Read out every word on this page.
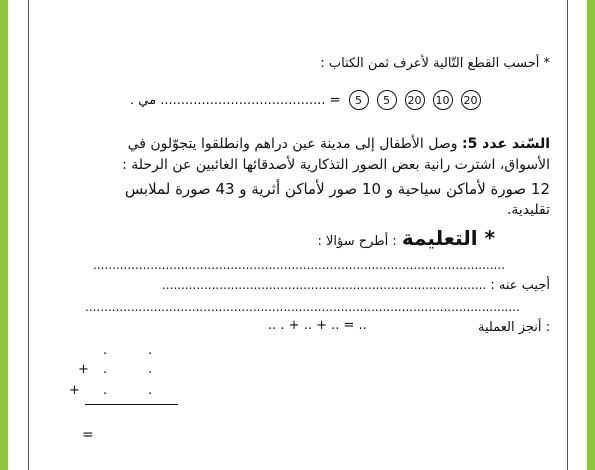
* أحسب القطع التّالية لأعرف ثمن الكتاب :
= ........................................ مي .	5	5	20 10 20
السّند عدد 5: وصل الأطفال إلى مدينة عين دراهم وانطلقوا يتجوّلون في
الأسواق، اشترت رانية بعض الصور التذكارية لأصدقائها الغائبين عن الرحلة :
12 صورة لأماكن سياحية و 10 صور لأماكن أثرية و 43 صورة لملابس
تقليدية.
* التعليمة : أطرح سؤالا :
............................................................................................................
أجيب عنه : .....................................................................................
..................................................................................................................
أنجز العملية :
.. . + .. + .. = ..
.	.
+ .	.
+ .	.
=
